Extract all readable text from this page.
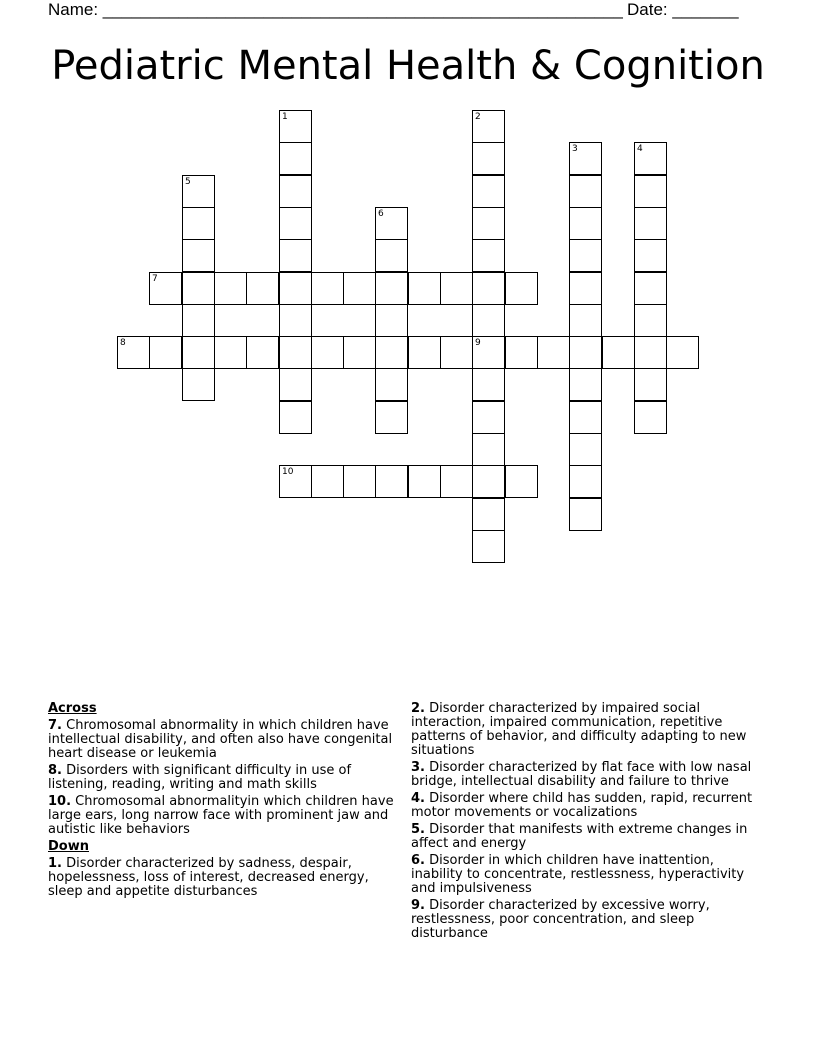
Name: _______________________________________________________ Date: _______
Pediatric Mental Health & Cognition
1	2
9
3	4
5
6
7
8
10
Across
7. Chromosomal abnormality in which children have intellectual disability, and often also have congenital heart disease or leukemia
8. Disorders with significant difficulty in use of listening, reading, writing and math skills
10. Chromosomal abnormalityin which children have large ears, long narrow face with prominent jaw and autistic like behaviors
Down
1. Disorder characterized by sadness, despair, hopelessness, loss of interest, decreased energy, sleep and appetite disturbances
2. Disorder characterized by impaired social interaction, impaired communication, repetitive patterns of behavior, and difficulty adapting to new situations
3. Disorder characterized by flat face with low nasal bridge, intellectual disability and failure to thrive
4. Disorder where child has sudden, rapid, recurrent motor movements or vocalizations
5. Disorder that manifests with extreme changes in affect and energy
6. Disorder in which children have inattention, inability to concentrate, restlessness, hyperactivity and impulsiveness
9. Disorder characterized by excessive worry, restlessness, poor concentration, and sleep disturbance
